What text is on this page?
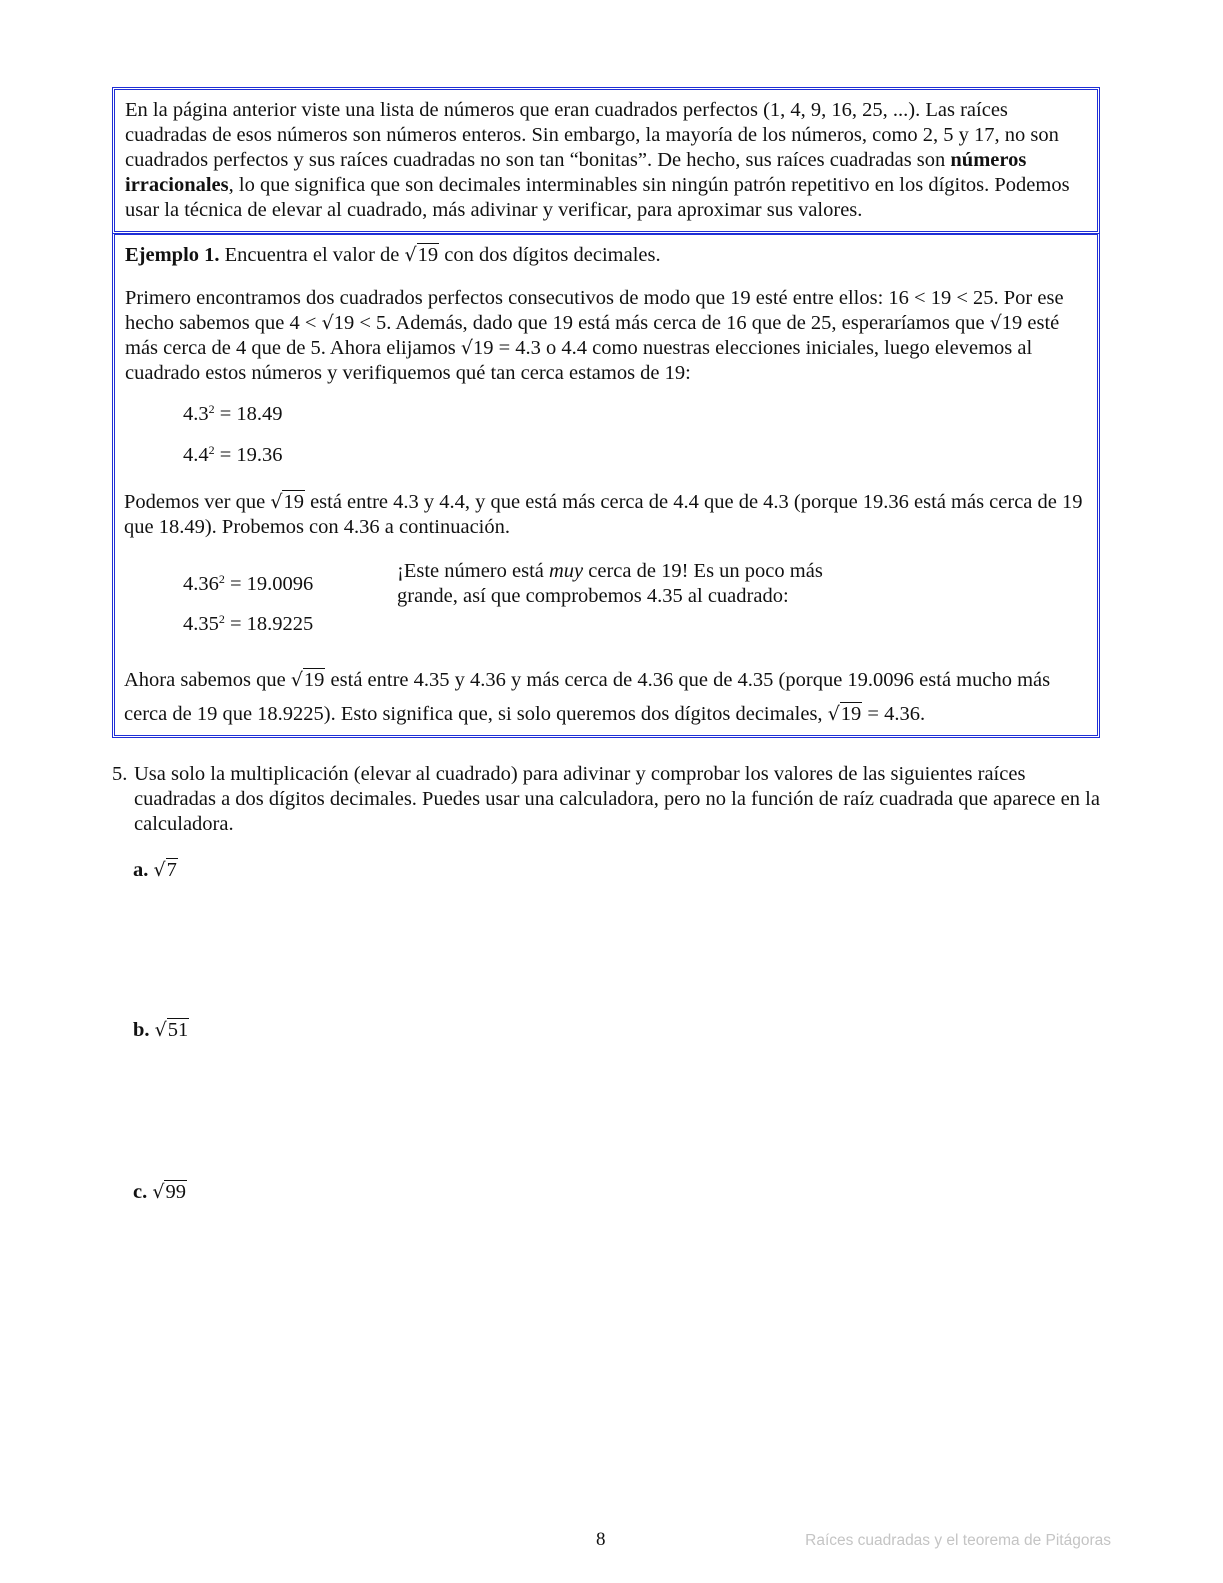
En la página anterior viste una lista de números que eran cuadrados perfectos (1, 4, 9, 16, 25, ...). Las raíces cuadradas de esos números son números enteros. Sin embargo, la mayoría de los números, como 2, 5 y 17, no son cuadrados perfectos y sus raíces cuadradas no son tan “bonitas”. De hecho, sus raíces cuadradas son números irracionales, lo que significa que son decimales interminables sin ningún patrón repetitivo en los dígitos. Podemos usar la técnica de elevar al cuadrado, más adivinar y verificar, para aproximar sus valores.

Ejemplo 1. Encuentra el valor de √19 con dos dígitos decimales.

Primero encontramos dos cuadrados perfectos consecutivos de modo que 19 esté entre ellos: 16 < 19 < 25. Por ese hecho sabemos que 4 < √19 < 5. Además, dado que 19 está más cerca de 16 que de 25, esperaríamos que √19 esté más cerca de 4 que de 5. Ahora elijamos √19 = 4.3 o 4.4 como nuestras elecciones iniciales, luego elevemos al cuadrado estos números y verifiquemos qué tan cerca estamos de 19:

$4.3^2 = 18.49$
$4.4^2 = 19.36$

Podemos ver que √19 está entre 4.3 y 4.4, y que está más cerca de 4.4 que de 4.3 (porque 19.36 está más cerca de 19 que 18.49). Probemos con 4.36 a continuación.

$4.36^2 = 19.0096$
¡Este número está muy cerca de 19! Es un poco más grande, así que comprobemos 4.35 al cuadrado:
$4.35^2 = 18.9225$

Ahora sabemos que √19 está entre 4.35 y 4.36 y más cerca de 4.36 que de 4.35 (porque 19.0096 está mucho más cerca de 19 que 18.9225). Esto significa que, si solo queremos dos dígitos decimales, √19 = 4.36.

5. Usa solo la multiplicación (elevar al cuadrado) para adivinar y comprobar los valores de las siguientes raíces cuadradas a dos dígitos decimales. Puedes usar una calculadora, pero no la función de raíz cuadrada que aparece en la calculadora.

a. √7
b. √51
c. √99
8	Raíces cuadradas y el teorema de Pitágoras
